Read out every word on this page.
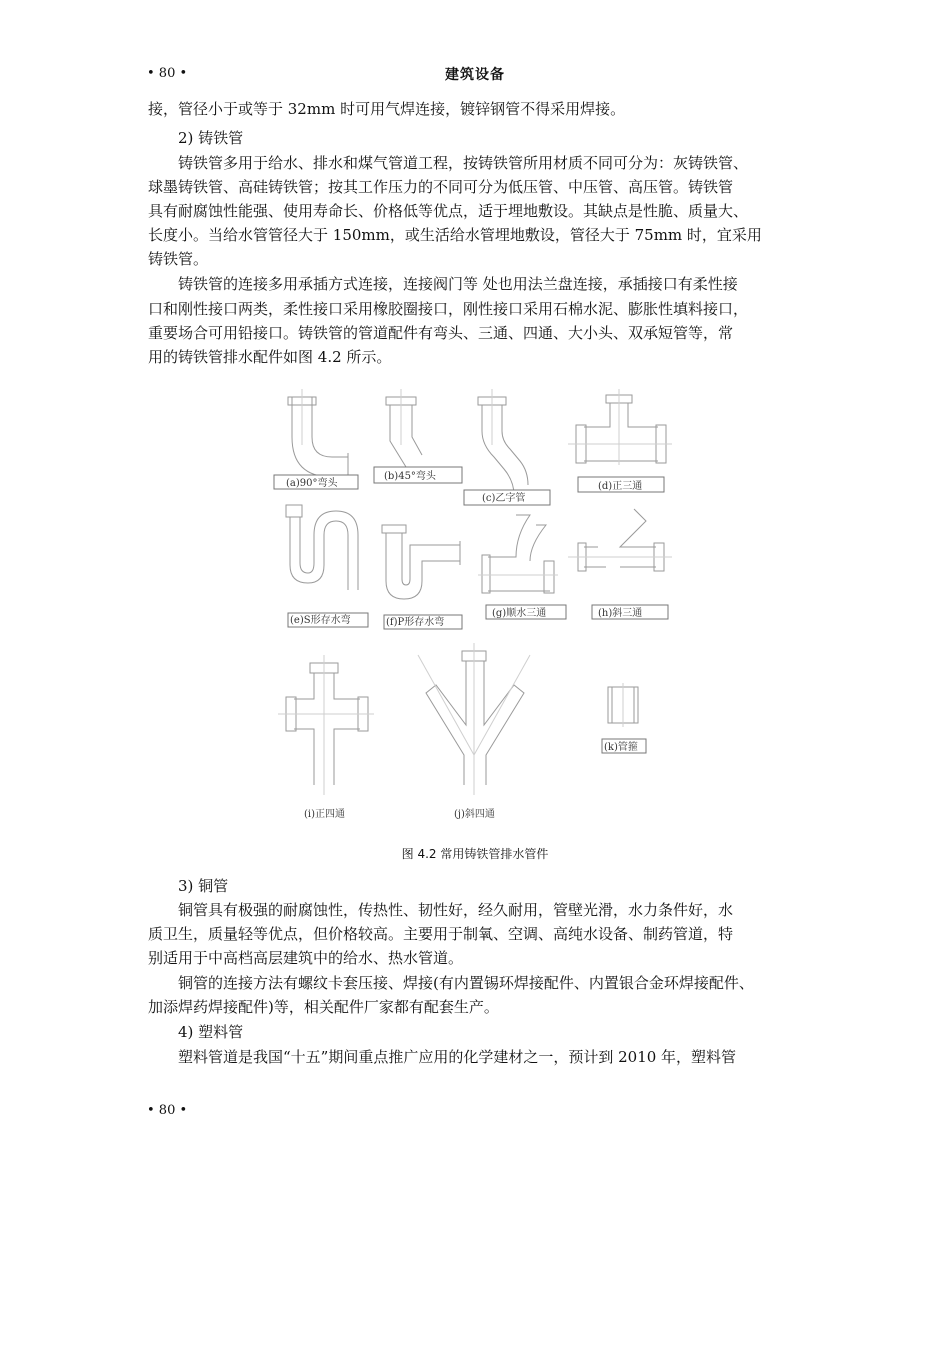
• 80 •	建筑设备
接，管径小于或等于 32mm 时可用气焊连接，镀锌钢管不得采用焊接。
2) 铸铁管
铸铁管多用于给水、排水和煤气管道工程，按铸铁管所用材质不同可分为：灰铸铁管、
球墨铸铁管、高硅铸铁管；按其工作压力的不同可分为低压管、中压管、高压管。铸铁管
具有耐腐蚀性能强、使用寿命长、价格低等优点，适于埋地敷设。其缺点是性脆、质量大、
长度小。当给水管管径大于 150mm，或生活给水管埋地敷设，管径大于 75mm 时，宜采用
铸铁管。
铸铁管的连接多用承插方式连接，连接阀门等 处也用法兰盘连接，承插接口有柔性接
口和刚性接口两类，柔性接口采用橡胶圈接口，刚性接口采用石棉水泥、膨胀性填料接口，
重要场合可用铅接口。铸铁管的管道配件有弯头、三通、四通、大小头、双承短管等，常
用的铸铁管排水配件如图 4.2 所示。
(a)90°弯头
(b)45°弯头
(c)乙字管
(d)正三通
(e)S形存水弯	(f)P形存水弯
(g)顺水三通	(h)斜三通
(i)正四通	(j)斜四通
(k)管箍
图 4.2 常用铸铁管排水管件
3) 铜管
铜管具有极强的耐腐蚀性，传热性、韧性好，经久耐用，管壁光滑，水力条件好，水
质卫生，质量轻等优点，但价格较高。主要用于制氧、空调、高纯水设备、制药管道，特
别适用于中高档高层建筑中的给水、热水管道。
铜管的连接方法有螺纹卡套压接、焊接(有内置锡环焊接配件、内置银合金环焊接配件、
加添焊药焊接配件)等，相关配件厂家都有配套生产。
4) 塑料管
塑料管道是我国“十五”期间重点推广应用的化学建材之一，预计到 2010 年，塑料管
• 80 •
